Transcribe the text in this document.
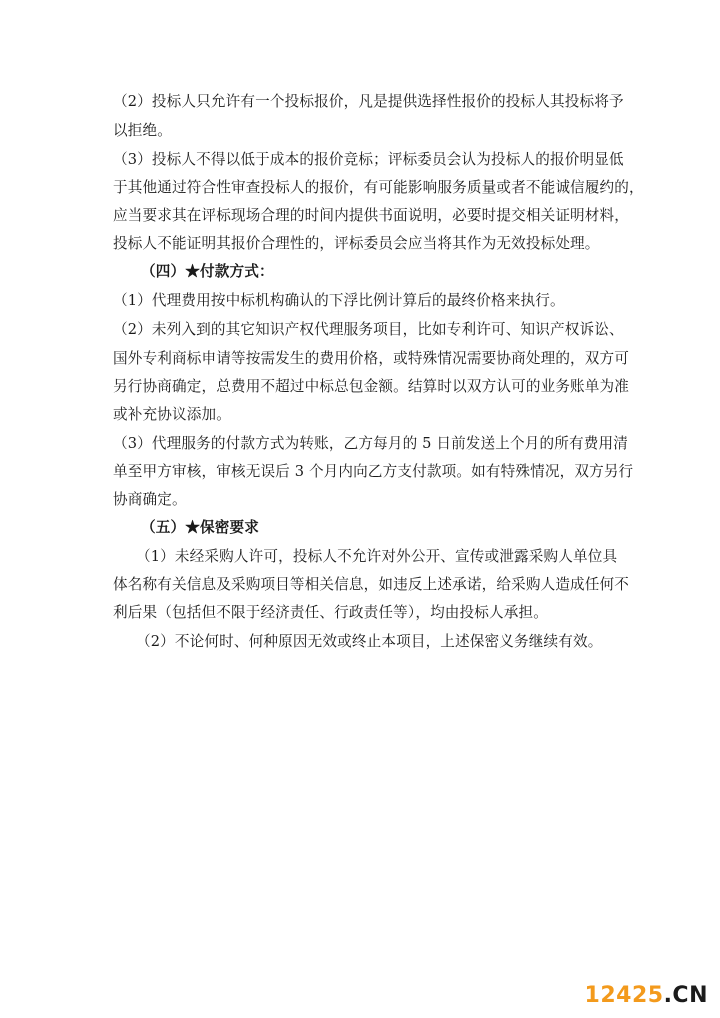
（2）投标人只允许有一个投标报价，凡是提供选择性报价的投标人其投标将予
以拒绝。
（3）投标人不得以低于成本的报价竞标；评标委员会认为投标人的报价明显低
于其他通过符合性审查投标人的报价，有可能影响服务质量或者不能诚信履约的，
应当要求其在评标现场合理的时间内提供书面说明，必要时提交相关证明材料，
投标人不能证明其报价合理性的，评标委员会应当将其作为无效投标处理。
（四）★付款方式：
（1）代理费用按中标机构确认的下浮比例计算后的最终价格来执行。
（2）未列入到的其它知识产权代理服务项目，比如专利许可、知识产权诉讼、
国外专利商标申请等按需发生的费用价格，或特殊情况需要协商处理的，双方可
另行协商确定，总费用不超过中标总包金额。结算时以双方认可的业务账单为准
或补充协议添加。
（3）代理服务的付款方式为转账，乙方每月的 5 日前发送上个月的所有费用清
单至甲方审核，审核无误后 3 个月内向乙方支付款项。如有特殊情况，双方另行
协商确定。
（五）★保密要求
（1）未经采购人许可，投标人不允许对外公开、宣传或泄露采购人单位具
体名称有关信息及采购项目等相关信息，如违反上述承诺，给采购人造成任何不
利后果（包括但不限于经济责任、行政责任等），均由投标人承担。
（2）不论何时、何种原因无效或终止本项目，上述保密义务继续有效。
12425.CN
